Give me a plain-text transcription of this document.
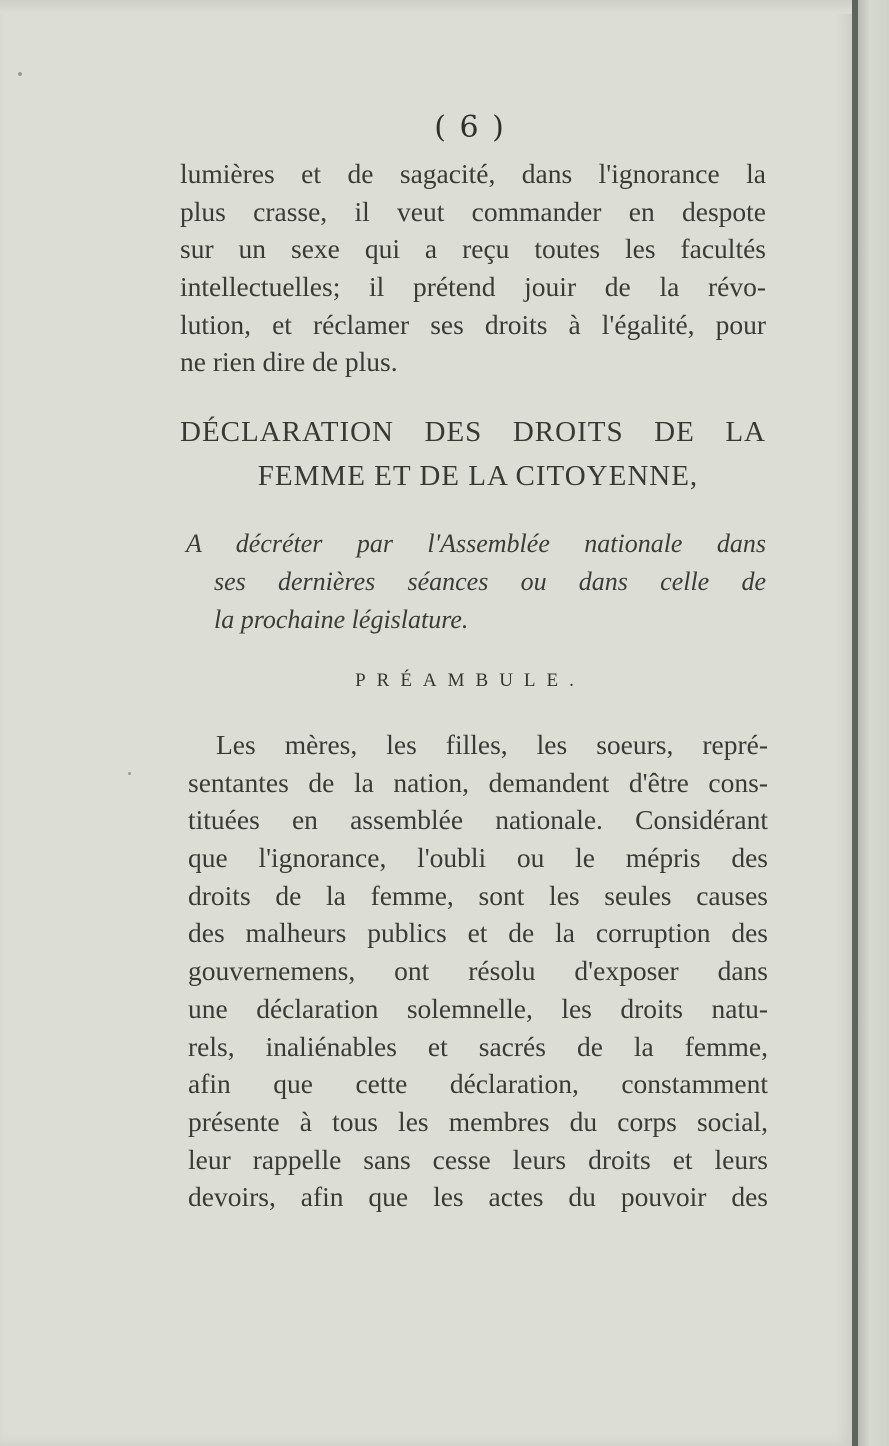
( 6 )
lumières et de sagacité, dans l'ignorance la
plus crasse, il veut commander en despote
sur un sexe qui a reçu toutes les facultés
intellectuelles; il prétend jouir de la révo-
lution, et réclamer ses droits à l'égalité, pour
ne rien dire de plus.
DÉCLARATION DES DROITS DE LA
FEMME ET DE LA CITOYENNE,
A décréter par l'Assemblée nationale dans
ses dernières séances ou dans celle de
la prochaine législature.
PRÉAMBULE.
Les mères, les filles, les soeurs, repré-
sentantes de la nation, demandent d'être cons-
tituées en assemblée nationale. Considérant
que l'ignorance, l'oubli ou le mépris des
droits de la femme, sont les seules causes
des malheurs publics et de la corruption des
gouvernemens, ont résolu d'exposer dans
une déclaration solemnelle, les droits natu-
rels, inaliénables et sacrés de la femme,
afin que cette déclaration, constamment
présente à tous les membres du corps social,
leur rappelle sans cesse leurs droits et leurs
devoirs, afin que les actes du pouvoir des
